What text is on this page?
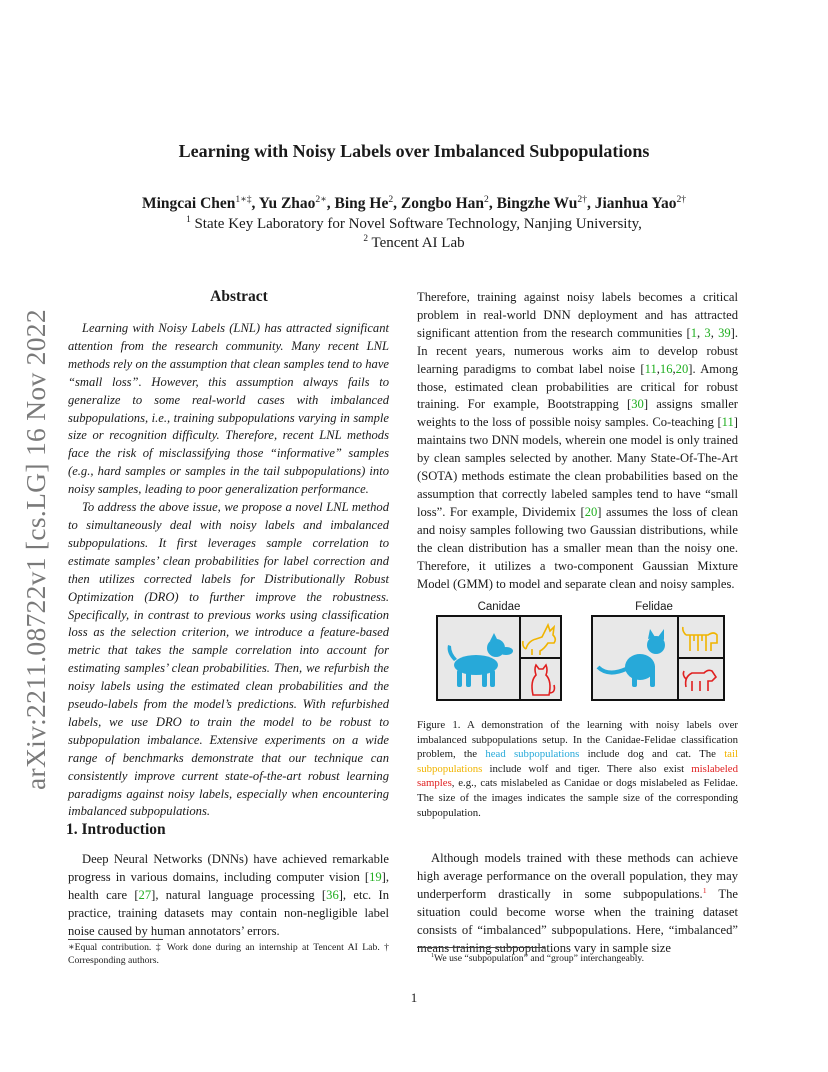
arXiv:2211.08722v1 [cs.LG] 16 Nov 2022
Learning with Noisy Labels over Imbalanced Subpopulations
Mingcai Chen$^{1∗\ddagger}$, Yu Zhao$^{2∗}$, Bing He$^2$, Zongbo Han$^2$, Bingzhe $Wu^{2\dagger}$, Jianhua Yao$^{2\dagger}$
$^1$ State Key Laboratory for Novel Software Technology, Nanjing University,
$^2$ Tencent AI Lab
Abstract

Learning with Noisy Labels (LNL) has attracted significant attention from the research community. Many recent LNL methods rely on the assumption that clean samples tend to have “small loss”. However, this assumption always fails to generalize to some real-world cases with imbalanced subpopulations, i.e., training subpopulations varying in sample size or recognition difficulty. Therefore, recent LNL methods face the risk of misclassifying those “informative” samples (e.g., hard samples or samples in the tail subpopulations) into noisy samples, leading to poor generalization performance.

To address the above issue, we propose a novel LNL method to simultaneously deal with noisy labels and imbalanced subpopulations. It first leverages sample correlation to estimate samples’ clean probabilities for label correction and then utilizes corrected labels for Distributionally Robust Optimization (DRO) to further improve the robustness. Specifically, in contrast to previous works using classification loss as the selection criterion, we introduce a feature-based metric that takes the sample correlation into account for estimating samples’ clean probabilities. Then, we refurbish the noisy labels using the estimated clean probabilities and the pseudo-labels from the model’s predictions. With refurbished labels, we use DRO to train the model to be robust to subpopulation imbalance. Extensive experiments on a wide range of benchmarks demonstrate that our technique can consistently improve current state-of-the-art robust learning paradigms against noisy labels, especially when encountering imbalanced subpopulations.

1. Introduction

Deep Neural Networks (DNNs) have achieved remarkable progress in various domains, including computer vision [19], health care [27], natural language processing [36], etc. In practice, training datasets may contain non-negligible label noise caused by human annotators’ errors.

∗Equal contribution. ‡ Work done during an internship at Tencent AI Lab. † Corresponding authors.

Therefore, training against noisy labels becomes a critical problem in real-world DNN deployment and has attracted significant attention from the research communities [1, 3, 39]. In recent years, numerous works aim to develop robust learning paradigms to combat label noise [11,16,20]. Among those, estimated clean probabilities are critical for robust training. For example, Bootstrapping [30] assigns smaller weights to the loss of possible noisy samples. Co-teaching [11] maintains two DNN models, wherein one model is only trained by clean samples selected by another. Many State-Of-The-Art (SOTA) methods estimate the clean probabilities based on the assumption that correctly labeled samples tend to have “small loss”. For example, Dividemix [20] assumes the loss of clean and noisy samples following two Gaussian distributions, while the clean distribution has a smaller mean than the noisy one. Therefore, it utilizes a two-component Gaussian Mixture Model (GMM) to model and separate clean and noisy samples.

Canidae	Felidae
Figure 1. A demonstration of the learning with noisy labels over imbalanced subpopulations setup. In the Canidae-Felidae classification problem, the head subpopulations include dog and cat. The tail subpopulations include wolf and tiger. There also exist mislabeled samples, e.g., cats mislabeled as Canidae or dogs mislabeled as Felidae. The size of the images indicates the sample size of the corresponding subpopulation.

Although models trained with these methods can achieve high average performance on the overall population, they may underperform drastically in some subpopulations.$^1$ The situation could become worse when the training dataset consists of “imbalanced” subpopulations. Here, “imbalanced” means training subpopulations vary in sample size

$^1$We use “subpopulation” and “group” interchangeably.
1
